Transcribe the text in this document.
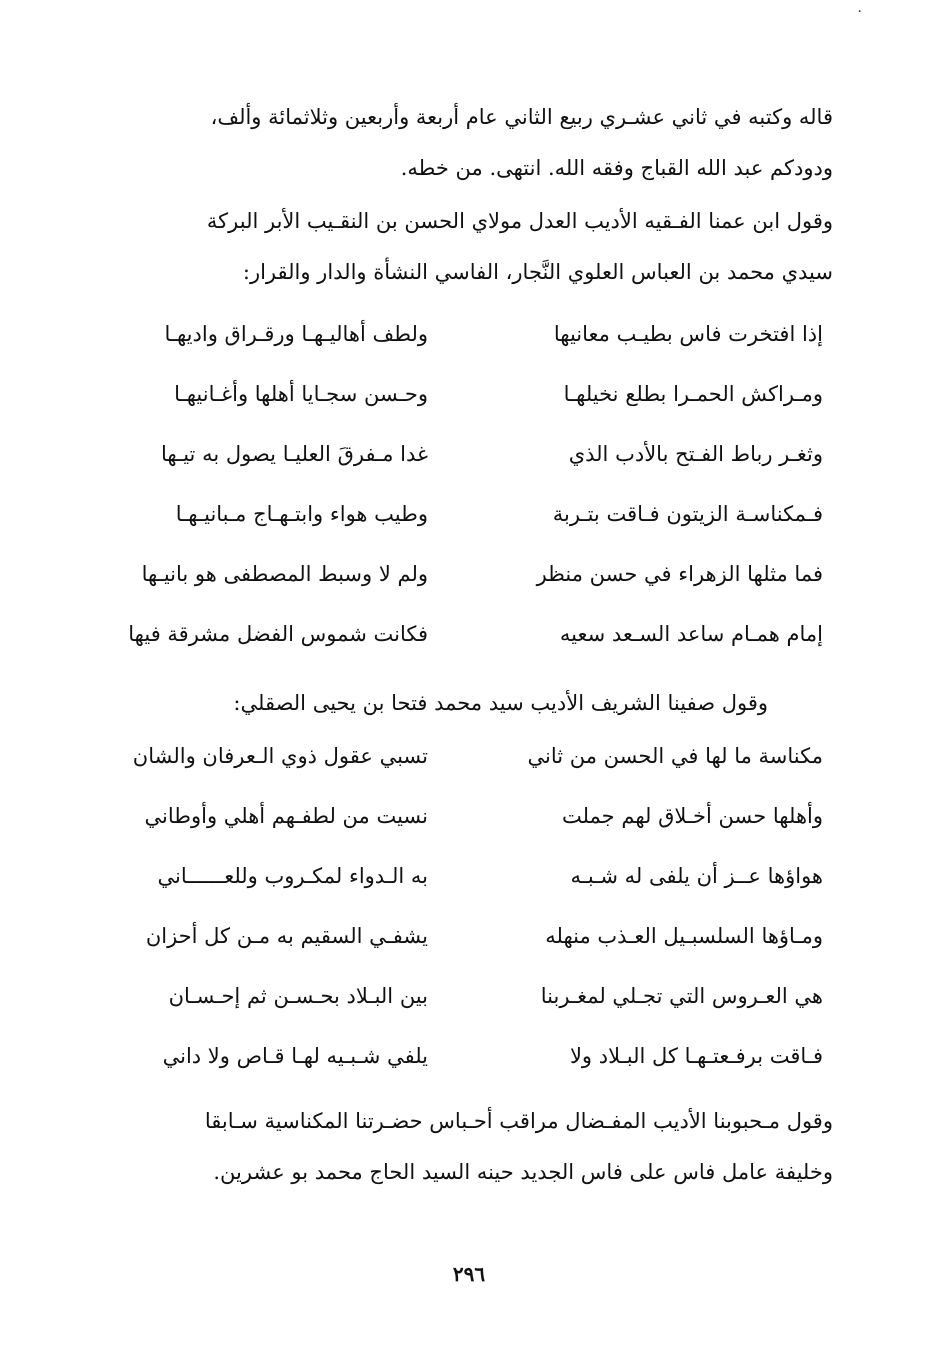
·

قاله وكتبه في ثاني عشـري ربيع الثاني عام أربعة وأربعين وثلاثمائة وألف،
ودودكم عبد الله القباج وفقه الله. انتهى. من خطه.

وقول ابن عمنا الفـقيه الأديب العدل مولاي الحسن بن النقـيب الأبر البركة
سيدي محمد بن العباس العلوي النَّجار، الفاسي النشأة والدار والقرار:

إذا افتخرت فاس بطيـب معانيها
ولطف أهاليـهـا ورقـراق واديهـا
ومـراكش الحمـرا بطلع نخيلهـا
وحـسن سجـايا أهلها وأغـانيهـا
وثغـر رباط الفـتح بالأدب الذي
غدا مـفرقَ العليـا يصول به تيـها
فـمكناسـة الزيتون فـاقت بتـربة
وطيب هواء وابتـهـاج مـبانيـهـا
فما مثلها الزهراء في حسن منظر
ولم لا وسبط المصطفى هو بانيـها
إمام همـام ساعد السـعد سعيه
فكانت شموس الفضل مشرقة فيها

وقول صفينا الشريف الأديب سيد محمد فتحا بن يحيى الصقلي:

مكناسة ما لها في الحسن من ثاني
تسبي عقول ذوي الـعرفان والشان
وأهلها حسن أخـلاق لهم جملت
نسيت من لطفـهم أهلي وأوطاني
هواؤها عــز أن يلفى له شـبـه
به الـدواء لمكـروب وللعــــــاني
ومـاؤها السلسبـيل العـذب منهله
يشفـي السقيم به مـن كل أحزان
هي العـروس التي تجـلي لمغـربنا
بين البـلاد بحـسـن ثم إحـسـان
فـاقت برفـعتـهـا كل البـلاد ولا
يلفي شـبـيه لهـا قـاص ولا داني

وقول مـحبوبنا الأديب المفـضال مراقب أحـباس حضـرتنا المكناسية سـابقا
وخليفة عامل فاس على فاس الجديد حينه السيد الحاج محمد بو عشرين.

٢٩٦
